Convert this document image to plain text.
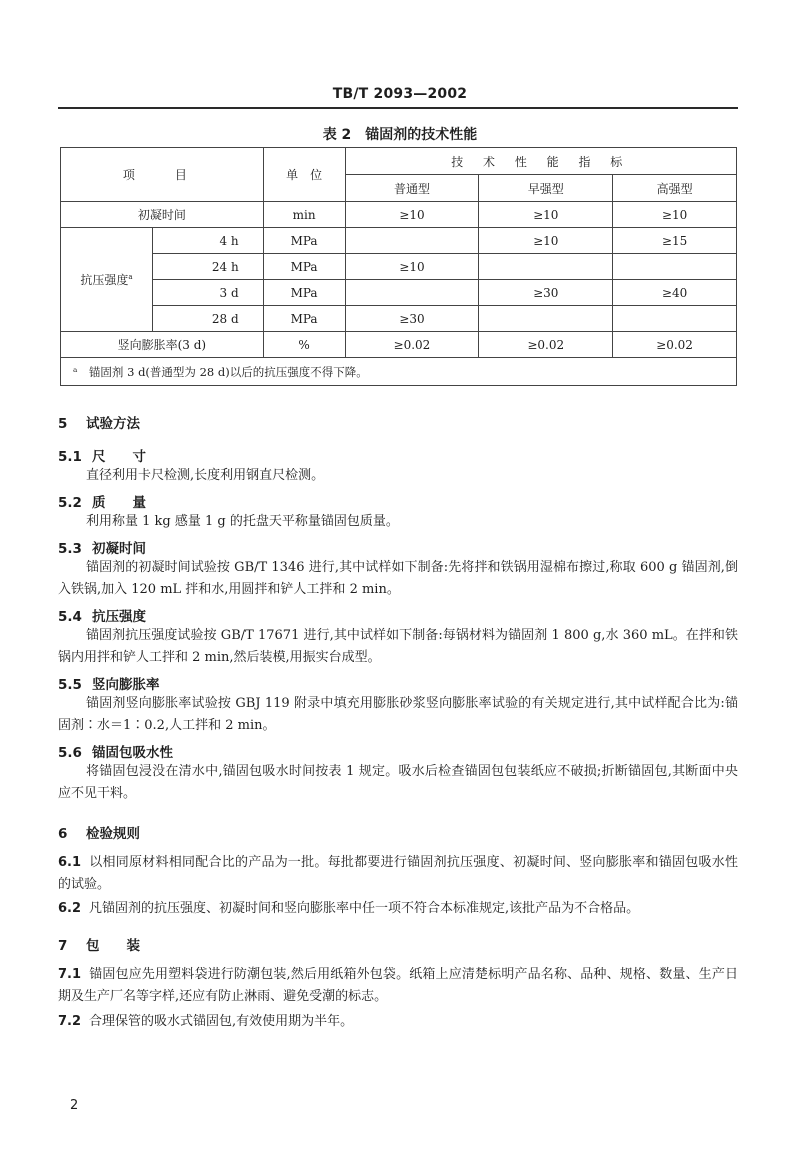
TB/T 2093—2002
表 2　锚固剂的技术性能
项　目		单　位	技 术 性 能 指 标		
			普通型	早强型	高强型
初凝时间		min	≥10	≥10	≥10
抗压强度$^a$	4 h	MPa		≥10	≥15
	24 h	MPa	≥10		
	3 d	MPa		≥30	≥40
	28 d	MPa	≥30		
竖向膨胀率(3 d)		%	≥0.02	≥0.02	≥0.02
ᵃ　锚固剂 3 d(普通型为 28 d)以后的抗压强度不得下降。					
5 试验方法
5.1 尺　　寸
直径利用卡尺检测,长度利用钢直尺检测。
5.2 质　　量
利用称量 1 kg 感量 1 g 的托盘天平称量锚固包质量。
5.3 初凝时间
锚固剂的初凝时间试验按 GB/T 1346 进行,其中试样如下制备:先将拌和铁锅用湿棉布擦过,称取 600 g 锚固剂,倒入铁锅,加入 120 mL 拌和水,用圆拌和铲人工拌和 2 min。
5.4 抗压强度
锚固剂抗压强度试验按 GB/T 17671 进行,其中试样如下制备:每锅材料为锚固剂 1 800 g,水 360 mL。在拌和铁锅内用拌和铲人工拌和 2 min,然后装模,用振实台成型。
5.5 竖向膨胀率
锚固剂竖向膨胀率试验按 GBJ 119 附录中填充用膨胀砂浆竖向膨胀率试验的有关规定进行,其中试样配合比为:锚固剂∶水＝1∶0.2,人工拌和 2 min。
5.6 锚固包吸水性
将锚固包浸没在清水中,锚固包吸水时间按表 1 规定。吸水后检查锚固包包装纸应不破损;折断锚固包,其断面中央应不见干料。
6 检验规则
6.1 以相同原材料相同配合比的产品为一批。每批都要进行锚固剂抗压强度、初凝时间、竖向膨胀率和锚固包吸水性的试验。
6.2 凡锚固剂的抗压强度、初凝时间和竖向膨胀率中任一项不符合本标准规定,该批产品为不合格品。
7 包　　装
7.1 锚固包应先用塑料袋进行防潮包装,然后用纸箱外包袋。纸箱上应清楚标明产品名称、品种、规格、数量、生产日期及生产厂名等字样,还应有防止淋雨、避免受潮的标志。
7.2 合理保管的吸水式锚固包,有效使用期为半年。
2
